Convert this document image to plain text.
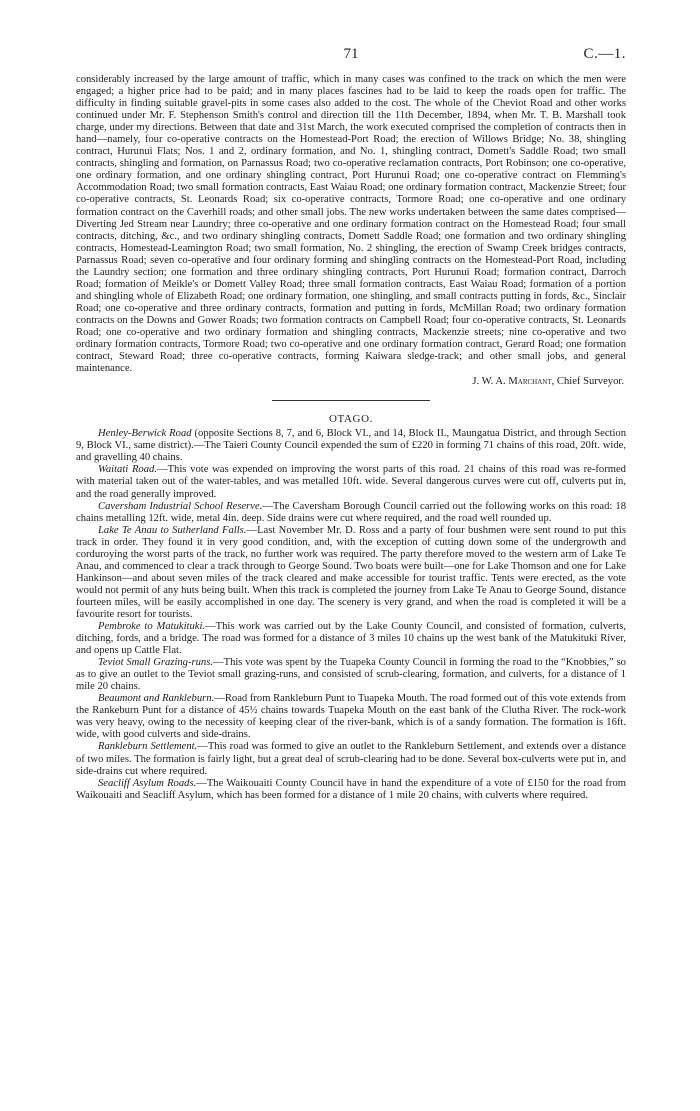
71	C.—1.

considerably increased by the large amount of traffic, which in many cases was confined to the track on which the men were engaged; a higher price had to be paid; and in many places fascines had to be laid to keep the roads open for traffic. The difficulty in finding suitable gravel-pits in some cases also added to the cost. The whole of the Cheviot Road and other works continued under Mr. F. Stephenson Smith's control and direction till the 11th December, 1894, when Mr. T. B. Marshall took charge, under my directions. Between that date and 31st March, the work executed comprised the completion of contracts then in hand—namely, four co-operative contracts on the Homestead-Port Road; the erection of Willows Bridge; No. 38, shingling contract, Hurunui Flats; Nos. 1 and 2, ordinary formation, and No. 1, shingling contract, Domett's Saddle Road; two small contracts, shingling and formation, on Parnassus Road; two co-operative reclamation contracts, Port Robinson; one co-operative, one ordinary formation, and one ordinary shingling contract, Port Hurunui Road; one co-operative contract on Flemming's Accommodation Road; two small formation contracts, East Waiau Road; one ordinary formation contract, Mackenzie Street; four co-operative contracts, St. Leonards Road; six co-operative contracts, Tormore Road; one co-operative and one ordinary formation contract on the Caverhill roads; and other small jobs. The new works undertaken between the same dates comprised—Diverting Jed Stream near Laundry; three co-operative and one ordinary formation contract on the Homestead Road; four small contracts, ditching, &c., and two ordinary shingling contracts, Domett Saddle Road; one formation and two ordinary shingling contracts, Homestead-Leamington Road; two small formation, No. 2 shingling, the erection of Swamp Creek bridges contracts, Parnassus Road; seven co-operative and four ordinary forming and shingling contracts on the Homestead-Port Road, including the Laundry section; one formation and three ordinary shingling contracts, Port Hurunui Road; formation contract, Darroch Road; formation of Meikle's or Domett Valley Road; three small formation contracts, East Waiau Road; formation of a portion and shingling whole of Elizabeth Road; one ordinary formation, one shingling, and small contracts putting in fords, &c., Sinclair Road; one co-operative and three ordinary contracts, formation and putting in fords, McMillan Road; two ordinary formation contracts on the Downs and Gower Roads; two formation contracts on Campbell Road; four co-operative contracts, St. Leonards Road; one co-operative and two ordinary formation and shingling contracts, Mackenzie streets; nine co-operative and two ordinary formation contracts, Tormore Road; two co-operative and one ordinary formation contract, Gerard Road; one formation contract, Steward Road; three co-operative contracts, forming Kaiwara sledge-track; and other small jobs, and general maintenance.

J. W. A. Marchant, Chief Surveyor.

OTAGO.

Henley-Berwick Road (opposite Sections 8, 7, and 6, Block VI., and 14, Block II., Maungatua District, and through Section 9, Block VI., same district).—The Taieri County Council expended the sum of £220 in forming 71 chains of this road, 20ft. wide, and gravelling 40 chains.

Waitati Road.—This vote was expended on improving the worst parts of this road. 21 chains of this road was re-formed with material taken out of the water-tables, and was metalled 10ft. wide. Several dangerous curves were cut off, culverts put in, and the road generally improved.

Caversham Industrial School Reserve.—The Caversham Borough Council carried out the following works on this road: 18 chains metalling 12ft. wide, metal 4in. deep. Side drains were cut where required, and the road well rounded up.

Lake Te Anau to Sutherland Falls.—Last November Mr. D. Ross and a party of four bushmen were sent round to put this track in order. They found it in very good condition, and, with the exception of cutting down some of the undergrowth and corduroying the worst parts of the track, no further work was required. The party therefore moved to the western arm of Lake Te Anau, and commenced to clear a track through to George Sound. Two boats were built—one for Lake Thomson and one for Lake Hankinson—and about seven miles of the track cleared and make accessible for tourist traffic. Tents were erected, as the vote would not permit of any huts being built. When this track is completed the journey from Lake Te Anau to George Sound, distance fourteen miles, will be easily accomplished in one day. The scenery is very grand, and when the road is completed it will be a favourite resort for tourists.

Pembroke to Matukituki.—This work was carried out by the Lake County Council, and consisted of formation, culverts, ditching, fords, and a bridge. The road was formed for a distance of 3 miles 10 chains up the west bank of the Matukituki River, and opens up Cattle Flat.

Teviot Small Grazing-runs.—This vote was spent by the Tuapeka County Council in forming the road to the “Knobbies,” so as to give an outlet to the Teviot small grazing-runs, and consisted of scrub-clearing, formation, and culverts, for a distance of 1 mile 20 chains.

Beaumont and Rankleburn.—Road from Rankleburn Punt to Tuapeka Mouth. The road formed out of this vote extends from the Rankeburn Punt for a distance of 45½ chains towards Tuapeka Mouth on the east bank of the Clutha River. The rock-work was very heavy, owing to the necessity of keeping clear of the river-bank, which is of a sandy formation. The formation is 16ft. wide, with good culverts and side-drains.

Rankleburn Settlement.—This road was formed to give an outlet to the Rankleburn Settlement, and extends over a distance of two miles. The formation is fairly light, but a great deal of scrub-clearing had to be done. Several box-culverts were put in, and side-drains cut where required.

Seacliff Asylum Roads.—The Waikouaiti County Council have in hand the expenditure of a vote of £150 for the road from Waikouaiti and Seacliff Asylum, which has been formed for a distance of 1 mile 20 chains, with culverts where required.
